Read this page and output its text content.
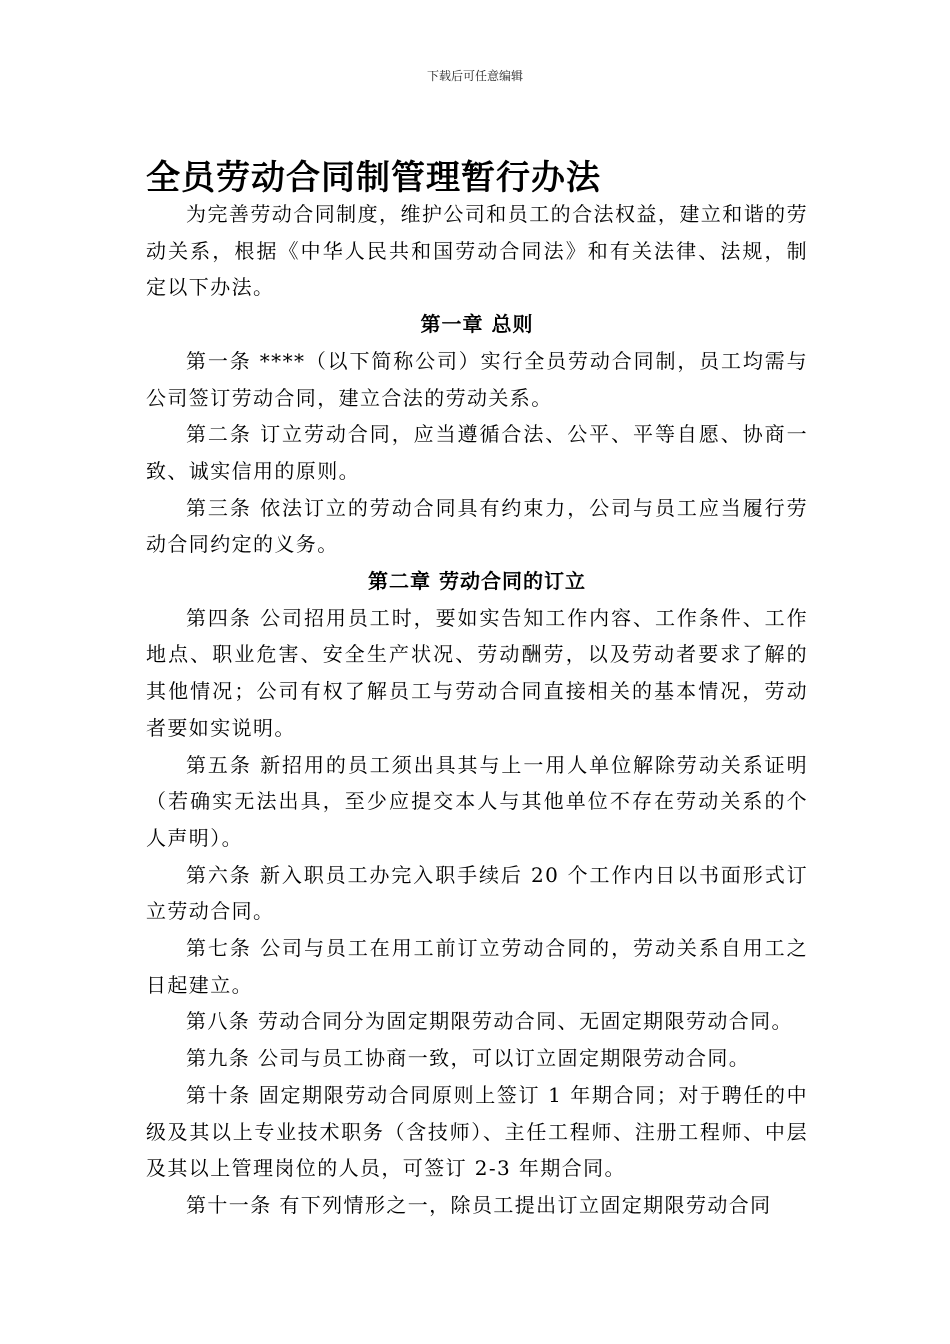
下载后可任意编辑
全员劳动合同制管理暂行办法

为完善劳动合同制度，维护公司和员工的合法权益，建立和谐的劳动关系，根据《中华人民共和国劳动合同法》和有关法律、法规，制定以下办法。

第一章 总则

第一条 ****（以下简称公司）实行全员劳动合同制，员工均需与公司签订劳动合同，建立合法的劳动关系。

第二条 订立劳动合同，应当遵循合法、公平、平等自愿、协商一致、诚实信用的原则。

第三条 依法订立的劳动合同具有约束力，公司与员工应当履行劳动合同约定的义务。

第二章 劳动合同的订立

第四条 公司招用员工时，要如实告知工作内容、工作条件、工作地点、职业危害、安全生产状况、劳动酬劳，以及劳动者要求了解的其他情况；公司有权了解员工与劳动合同直接相关的基本情况，劳动者要如实说明。

第五条 新招用的员工须出具其与上一用人单位解除劳动关系证明（若确实无法出具，至少应提交本人与其他单位不存在劳动关系的个人声明）。

第六条 新入职员工办完入职手续后 20 个工作内日以书面形式订立劳动合同。

第七条 公司与员工在用工前订立劳动合同的，劳动关系自用工之日起建立。

第八条 劳动合同分为固定期限劳动合同、无固定期限劳动合同。

第九条 公司与员工协商一致，可以订立固定期限劳动合同。

第十条 固定期限劳动合同原则上签订 1 年期合同；对于聘任的中级及其以上专业技术职务（含技师）、主任工程师、注册工程师、中层及其以上管理岗位的人员，可签订 2-3 年期合同。

第十一条 有下列情形之一，除员工提出订立固定期限劳动合同
